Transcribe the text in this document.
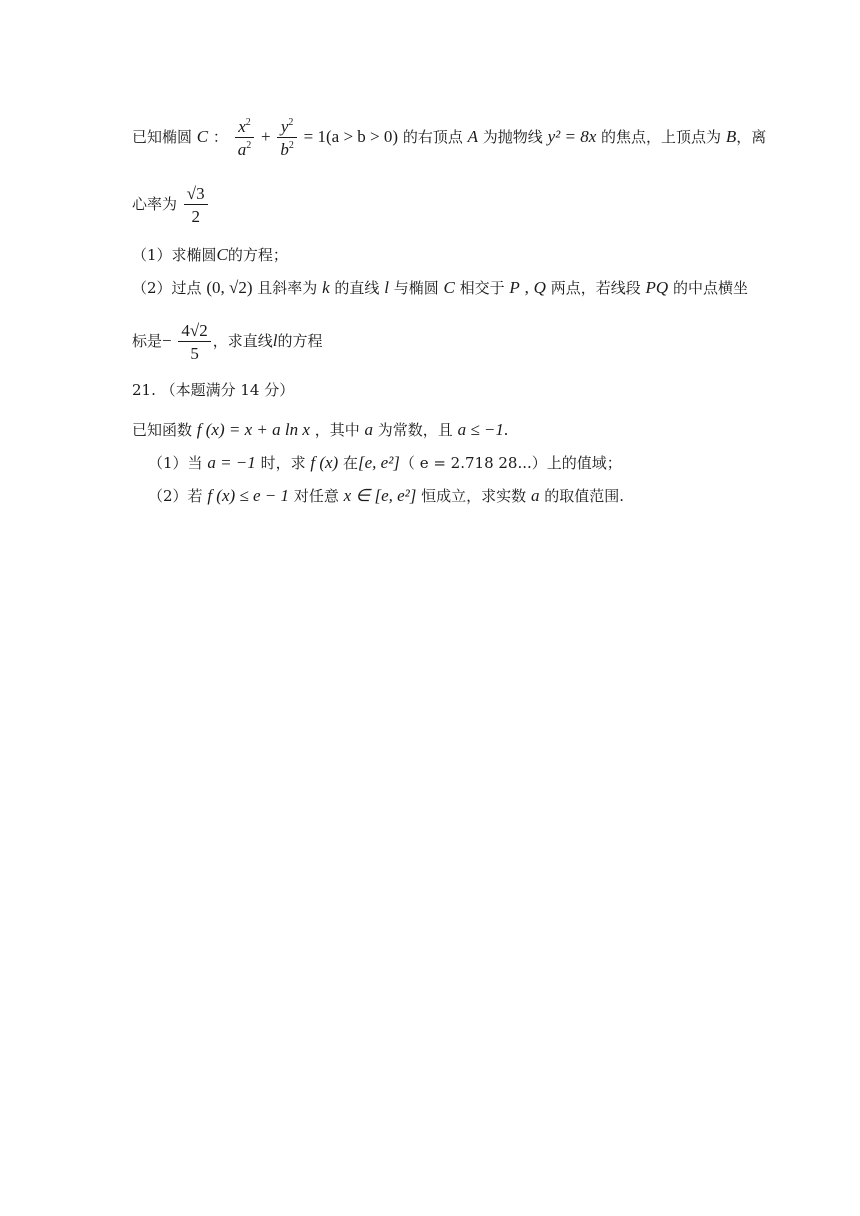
已知椭圆 C ： $\frac{x^2}{a^2} + \frac{y^2}{b^2} = 1(a > b > 0)$ 的右顶点 A 为抛物线 y² = 8x 的焦点，上顶点为 B，离
心率为 $\frac{√3}{2}$
（1）求椭圆C的方程；
（2）过点 (0, √2) 且斜率为 k 的直线 l 与椭圆 C 相交于 P , Q 两点，若线段 PQ 的中点横坐
标是− $\frac{4√2}{5}$ ，求直线l的方程
21. （本题满分 14 分）
已知函数 f (x) = x + a ln x ，其中 a 为常数，且 a ≤ −1.
（1）当 a = −1 时，求 f (x) 在[e, e²]（ e = 2.718 28...）上的值域；
（2）若 f (x) ≤ e − 1 对任意 x ∈ [e, e²] 恒成立，求实数 a 的取值范围.
